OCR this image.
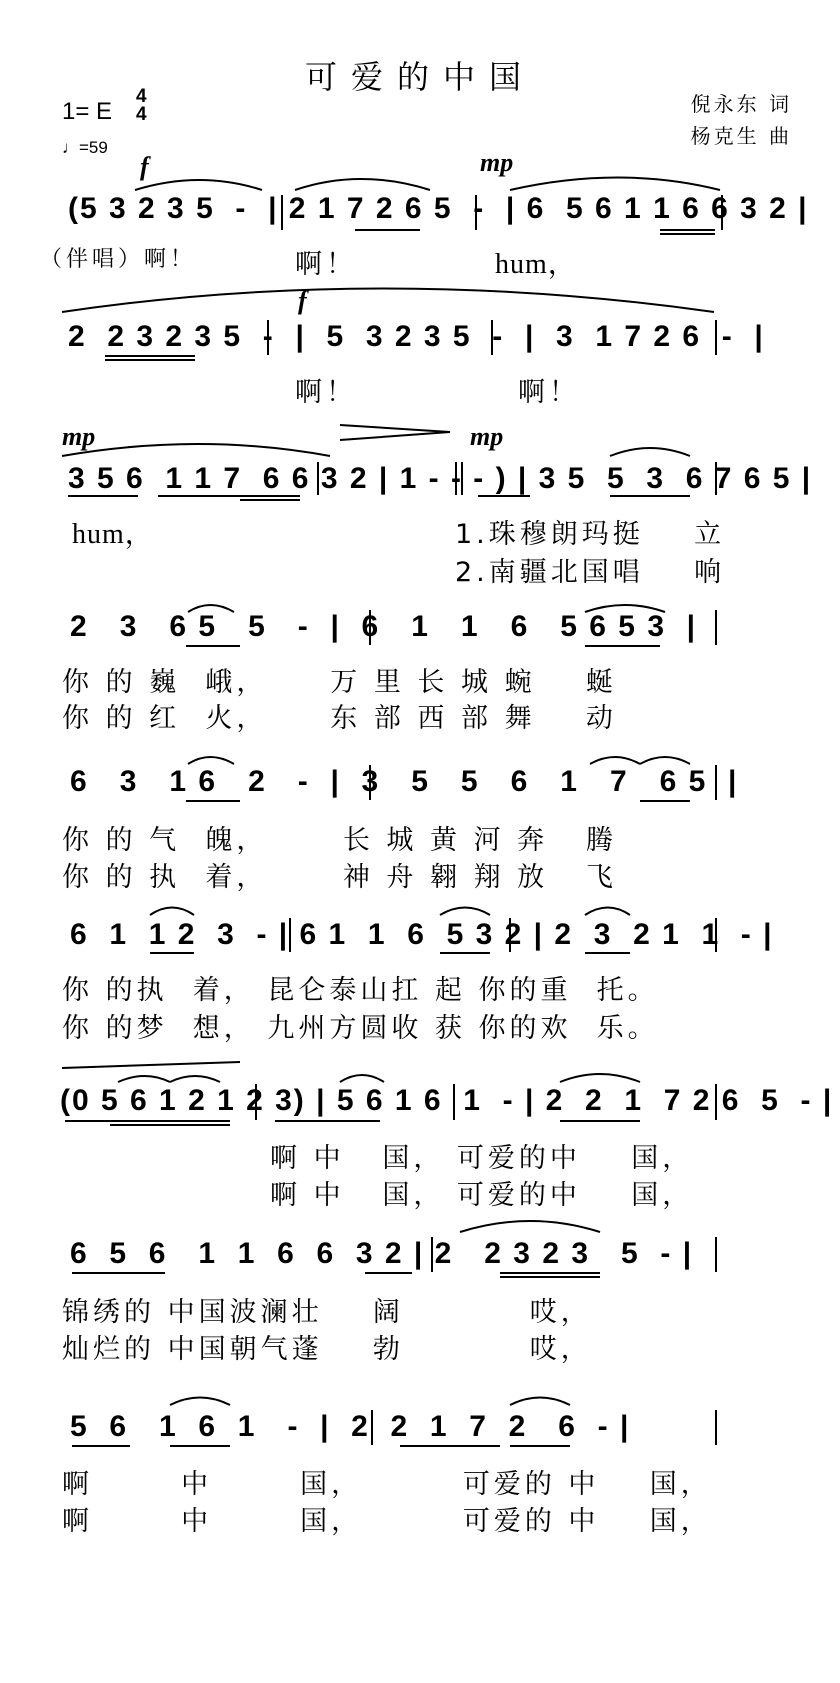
可爱的中国
倪永东 词
杨克生 曲
1= E
4
4
♩=59
f	mp
(5 3 2 3 5  -  | 2 1 7 2 6 5  -  | 6  5 6 1 1 6 6 3 2 |
（伴唱）啊！	啊！	hum，
f
2  2 3 2 3 5  -  |  5  3 2 3 5  -  |  3  1 7 2 6  -  |
啊！	啊！
mp	mp
3 5 6  1 1 7  6 6 3 2 | 1 - - - ) | 3 5  5  3  6 7 6 5 |
hum，	1.珠穆朗玛挺    立
2.南疆北国唱    响
2   3   6 5   5   -  |  6   1   1   6   5 6 5 3  |
你 的 巍  峨，     万 里 长 城 蜿    蜒
你 的 红  火，     东 部 西 部 舞    动
6   3   1 6   2   -  |  3   5   5   6   1   7   6 5  |
你 的 气  魄，      长 城 黄 河 奔   腾
你 的 执  着，      神 舟 翱 翔 放   飞
6  1  1 2  3  - | 6 1  1  6  5 3 2 | 2  3  2 1  1  - |
你 的执  着， 昆仑泰山扛 起 你的重  托。
你 的梦  想， 九州方圆收 获 你的欢  乐。
(0 5 6 1 2 1 2 3) | 5 6 1 6  1  - | 2  2  1  7 2 6  5  - |
啊 中   国， 可爱的中    国，
啊 中   国， 可爱的中    国，
6  5  6   1  1  6  6  3 2 | 2   2 3 2 3   5  - |
锦绣的 中国波澜壮    阔          哎，
灿烂的 中国朝气蓬    勃          哎，
5  6   1  6  1   -  |  2  2  1  7  2   6  - |
啊       中       国，        可爱的 中    国，
啊       中       国，        可爱的 中    国，
